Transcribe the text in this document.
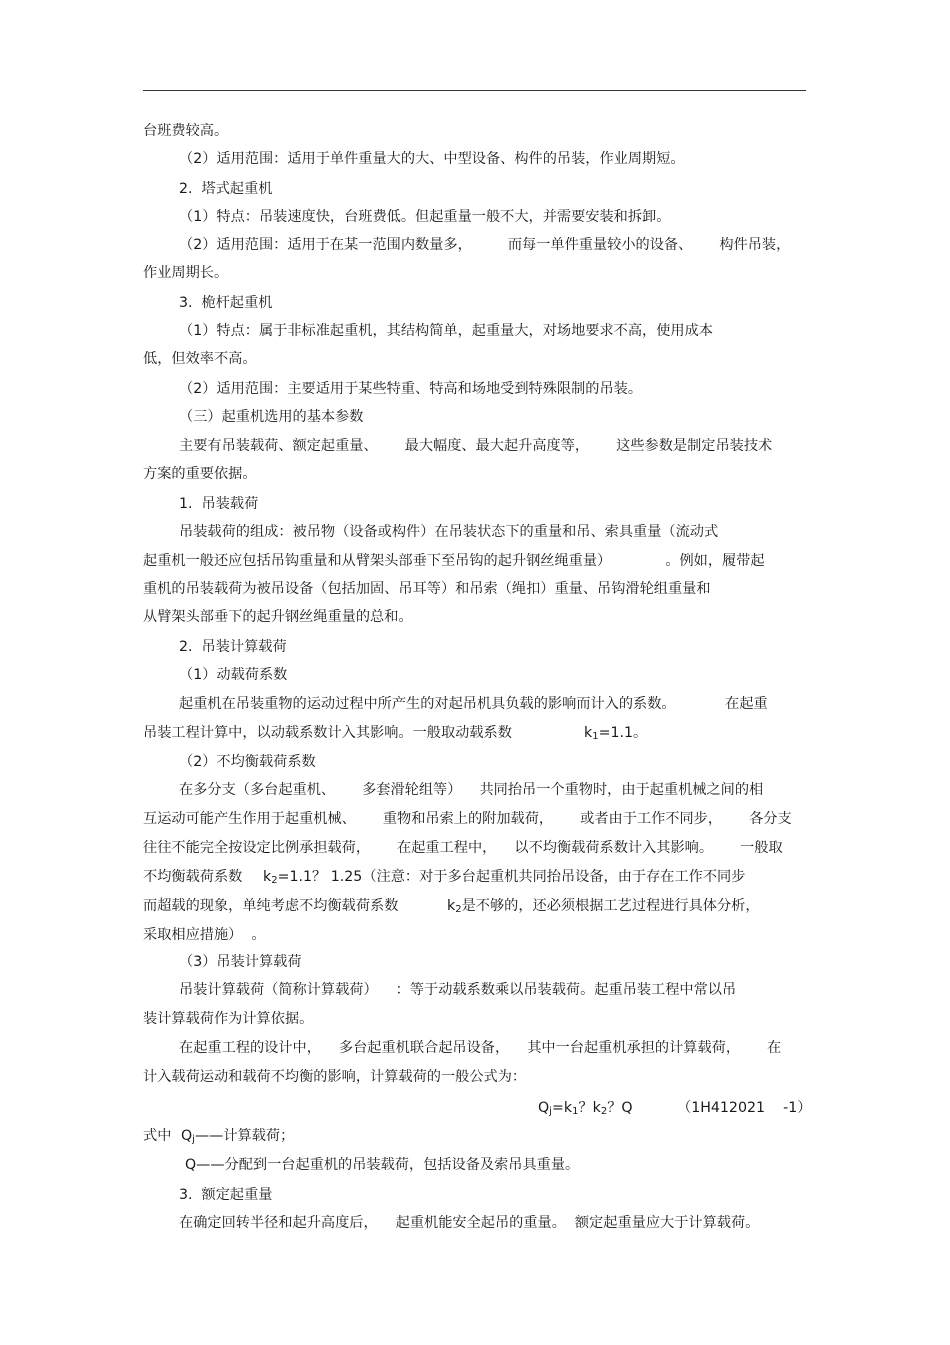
台班费较高。
（2）适用范围：适用于单件重量大的大、中型设备、构件的吊装，作业周期短。
2.  塔式起重机
（1）特点：吊装速度快，台班费低。但起重量一般不大，并需要安装和拆卸。
（2）适用范围：适用于在某一范围内数量多，        而每一单件重量较小的设备、      构件吊装，
作业周期长。
3.  桅杆起重机
（1）特点：属于非标准起重机，其结构简单，起重量大，对场地要求不高，使用成本
低，但效率不高。
（2）适用范围：主要适用于某些特重、特高和场地受到特殊限制的吊装。
（三）起重机选用的基本参数
主要有吊装载荷、额定起重量、      最大幅度、最大起升高度等，      这些参数是制定吊装技术
方案的重要依据。
1.  吊装载荷
吊装载荷的组成：被吊物（设备或构件）在吊装状态下的重量和吊、索具重量（流动式
起重机一般还应包括吊钩重量和从臂架头部垂下至吊钩的起升钢丝绳重量）            。例如，履带起
重机的吊装载荷为被吊设备（包括加固、吊耳等）和吊索（绳扣）重量、吊钩滑轮组重量和
从臂架头部垂下的起升钢丝绳重量的总和。
2.  吊装计算载荷
（1）动载荷系数
起重机在吊装重物的运动过程中所产生的对起吊机具负载的影响而计入的系数。           在起重
吊装工程计算中，以动载系数计入其影响。一般取动载系数	$k_1=1.1$。
（2）不均衡载荷系数
在多分支（多台起重机、      多套滑轮组等）    共同抬吊一个重物时，由于起重机械之间的相
互运动可能产生作用于起重机械、      重物和吊索上的附加载荷，      或者由于工作不同步，      各分支
往往不能完全按设定比例承担载荷，      在起重工程中，    以不均衡载荷系数计入其影响。      一般取
不均衡载荷系数 $k_2=1.1$？ 1.25（注意：对于多台起重机共同抬吊设备，由于存在工作不同步
而超载的现象，单纯考虑不均衡载荷系数	$k_2$是不够的，还必须根据工艺过程进行具体分析，
采取相应措施）  。
（3）吊装计算载荷
吊装计算载荷（简称计算载荷）    ：等于动载系数乘以吊装载荷。起重吊装工程中常以吊
装计算载荷作为计算依据。
在起重工程的设计中，    多台起重机联合起吊设备，    其中一台起重机承担的计算载荷，      在
计入载荷运动和载荷不均衡的影响，计算载荷的一般公式为：
$Q_j=k_1$？$k_2$？Q	（1H412021    -1）
式中 $Q_j——$计算载荷；
Q——分配到一台起重机的吊装载荷，包括设备及索吊具重量。
3.  额定起重量
在确定回转半径和起升高度后，    起重机能安全起吊的重量。  额定起重量应大于计算载荷。
